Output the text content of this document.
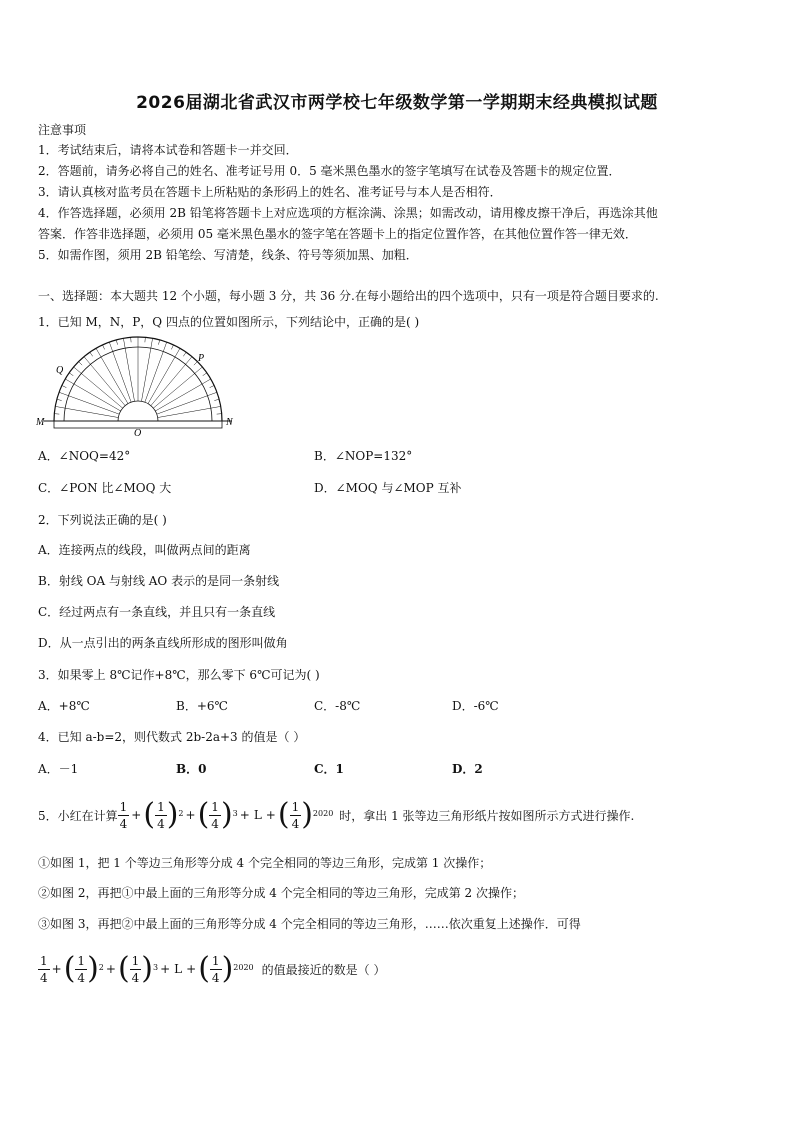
2026届湖北省武汉市两学校七年级数学第一学期期末经典模拟试题
注意事项
1．考试结束后，请将本试卷和答题卡一并交回．
2．答题前，请务必将自己的姓名、准考证号用 0．5 毫米黑色墨水的签字笔填写在试卷及答题卡的规定位置．
3．请认真核对监考员在答题卡上所粘贴的条形码上的姓名、准考证号与本人是否相符．
4．作答选择题，必须用 2B 铅笔将答题卡上对应选项的方框涂满、涂黑；如需改动，请用橡皮擦干净后，再选涂其他
答案．作答非选择题，必须用 05 毫米黑色墨水的签字笔在答题卡上的指定位置作答，在其他位置作答一律无效．
5．如需作图，须用 2B 铅笔绘、写清楚，线条、符号等须加黑、加粗．
一、选择题：本大题共 12 个小题，每小题 3 分，共 36 分.在每小题给出的四个选项中，只有一项是符合题目要求的.
1．已知 M，N，P，Q 四点的位置如图所示，下列结论中，正确的是( )
M	N
P
Q
O
A．∠NOQ=42°	B．∠NOP=132°
C．∠PON 比∠MOQ 大	D．∠MOQ 与∠MOP 互补
2．下列说法正确的是( )
A．连接两点的线段，叫做两点间的距离
B．射线 OA 与射线 AO 表示的是同一条射线
C．经过两点有一条直线，并且只有一条直线
D．从一点引出的两条直线所形成的图形叫做角
3．如果零上 8℃记作+8℃，那么零下 6℃可记为( )
A．+8℃	B．+6℃	C．-8℃	D．-6℃
4．已知 a-b=2，则代数式 2b-2a+3 的值是（ ）
A．－1	B．0	C．1	D．2
5．小红在计算 $\frac{1}{4}$ + ( $\frac{1}{4}$ ) 2 + ( $\frac{1}{4}$ ) 3 + L + ( $\frac{1}{4}$ ) 2020 时，拿出 1 张等边三角形纸片按如图所示方式进行操作.
①如图 1，把 1 个等边三角形等分成 4 个完全相同的等边三角形，完成第 1 次操作；
②如图 2，再把①中最上面的三角形等分成 4 个完全相同的等边三角形，完成第 2 次操作；
③如图 3，再把②中最上面的三角形等分成 4 个完全相同的等边三角形，……依次重复上述操作．可得
$\frac{1}{4}$ + ( $\frac{1}{4}$ ) 2 + ( $\frac{1}{4}$ ) 3 + L + ( $\frac{1}{4}$ ) 2020 的值最接近的数是（ ）
